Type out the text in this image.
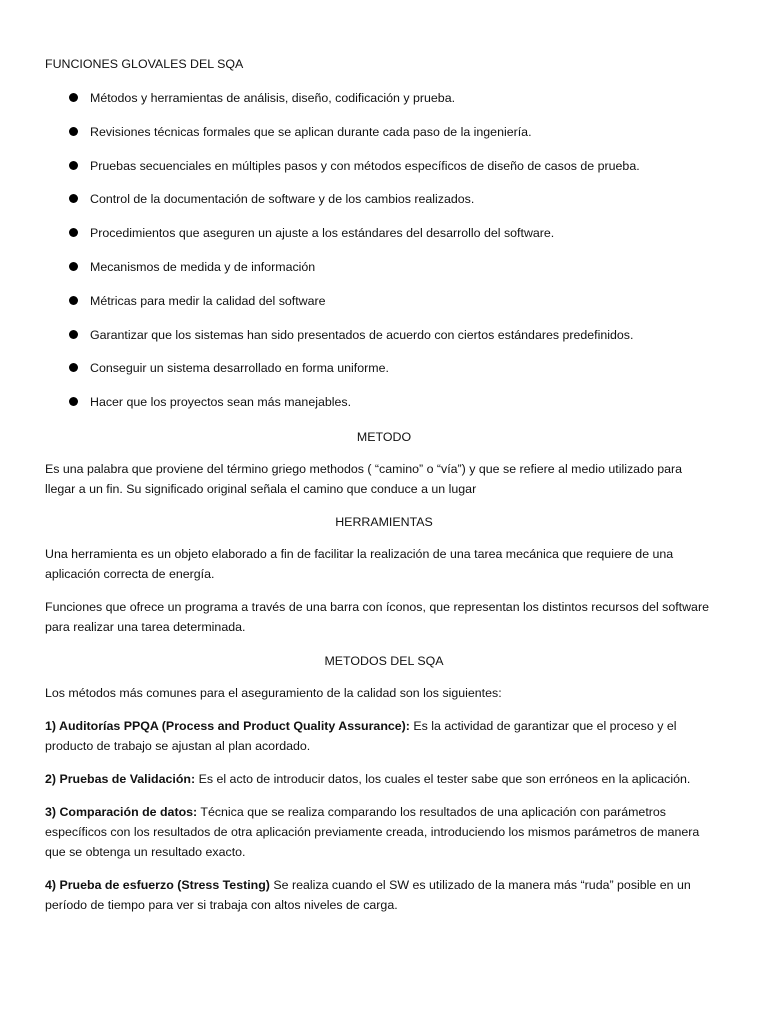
FUNCIONES GLOVALES DEL SQA
Métodos y herramientas de análisis, diseño, codificación y prueba.
Revisiones técnicas formales que se aplican durante cada paso de la ingeniería.
Pruebas secuenciales en múltiples pasos y con métodos específicos de diseño de casos de prueba.
Control de la documentación de software y de los cambios realizados.
Procedimientos que aseguren un ajuste a los estándares del desarrollo del software.
Mecanismos de medida y de información
Métricas para medir la calidad del software
Garantizar que los sistemas han sido presentados de acuerdo con ciertos estándares predefinidos.
Conseguir un sistema desarrollado en forma uniforme.
Hacer que los proyectos sean más manejables.
METODO
Es una palabra que proviene del término griego methodos ( “camino” o “vía”) y que se refiere al medio utilizado para llegar a un fin. Su significado original señala el camino que conduce a un lugar
HERRAMIENTAS
Una herramienta es un objeto elaborado a fin de facilitar la realización de una tarea mecánica que requiere de una aplicación correcta de energía.
Funciones que ofrece un programa a través de una barra con íconos, que representan los distintos recursos del software para realizar una tarea determinada.
METODOS DEL SQA
Los métodos más comunes para el aseguramiento de la calidad son los siguientes:
1) Auditorías PPQA (Process and Product Quality Assurance): Es la actividad de garantizar que el proceso y el producto de trabajo se ajustan al plan acordado.
2) Pruebas de Validación: Es el acto de introducir datos, los cuales el tester sabe que son erróneos en la aplicación.
3) Comparación de datos: Técnica que se realiza comparando los resultados de una aplicación con parámetros específicos con los resultados de otra aplicación previamente creada, introduciendo los mismos parámetros de manera que se obtenga un resultado exacto.
4) Prueba de esfuerzo (Stress Testing) Se realiza cuando el SW es utilizado de la manera más “ruda” posible en un período de tiempo para ver si trabaja con altos niveles de carga.
